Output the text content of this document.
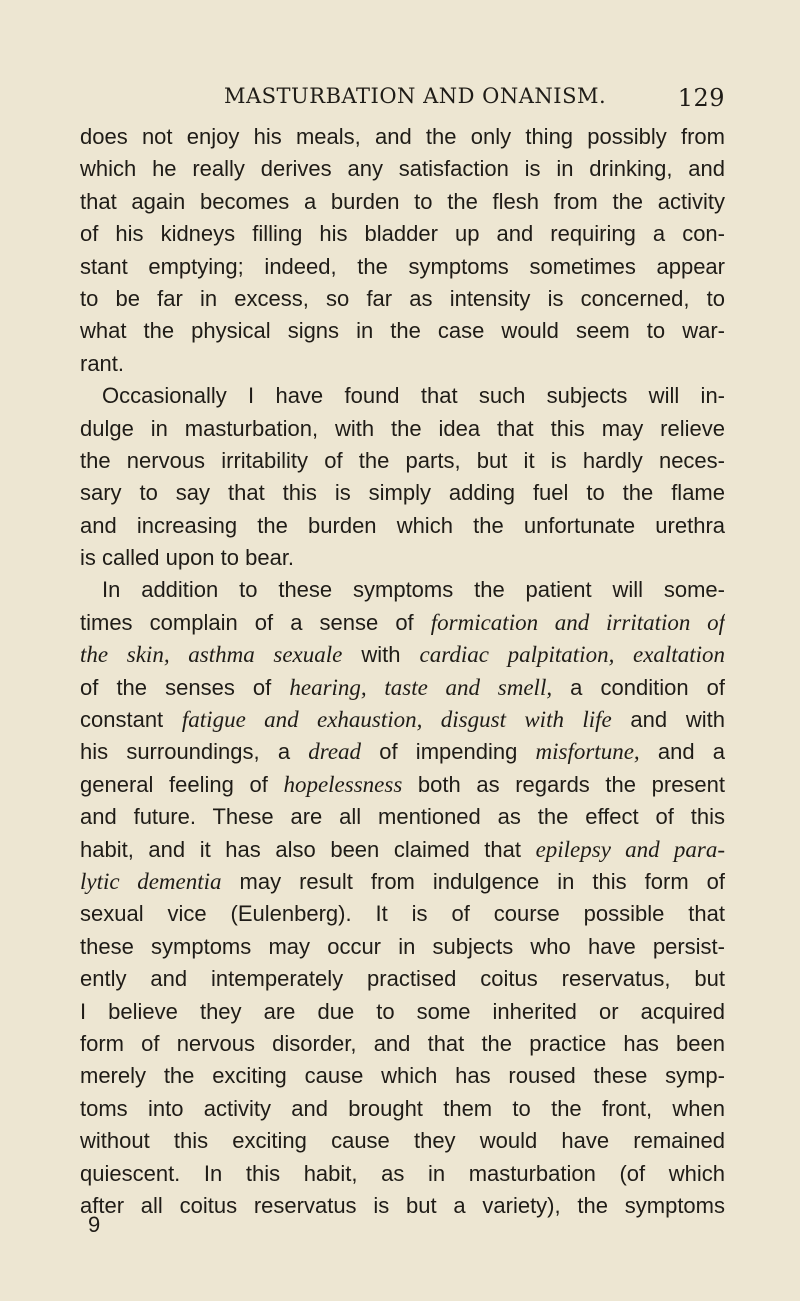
MASTURBATION AND ONANISM.	129
does not enjoy his meals, and the only thing possibly from
which he really derives any satisfaction is in drinking, and
that again becomes a burden to the flesh from the activity
of his kidneys filling his bladder up and requiring a con-
stant emptying; indeed, the symptoms sometimes appear
to be far in excess, so far as intensity is concerned, to
what the physical signs in the case would seem to war-
rant.
Occasionally I have found that such subjects will in-
dulge in masturbation, with the idea that this may relieve
the nervous irritability of the parts, but it is hardly neces-
sary to say that this is simply adding fuel to the flame
and increasing the burden which the unfortunate urethra
is called upon to bear.
In addition to these symptoms the patient will some-
times complain of a sense of formication and irritation of
the skin, asthma sexuale with cardiac palpitation, exaltation
of the senses of hearing, taste and smell, a condition of
constant fatigue and exhaustion, disgust with life and with
his surroundings, a dread of impending misfortune, and a
general feeling of hopelessness both as regards the present
and future. These are all mentioned as the effect of this
habit, and it has also been claimed that epilepsy and para-
lytic dementia may result from indulgence in this form of
sexual vice (Eulenberg). It is of course possible that
these symptoms may occur in subjects who have persist-
ently and intemperately practised coitus reservatus, but
I believe they are due to some inherited or acquired
form of nervous disorder, and that the practice has been
merely the exciting cause which has roused these symp-
toms into activity and brought them to the front, when
without this exciting cause they would have remained
quiescent. In this habit, as in masturbation (of which
after all coitus reservatus is but a variety), the symptoms
9
